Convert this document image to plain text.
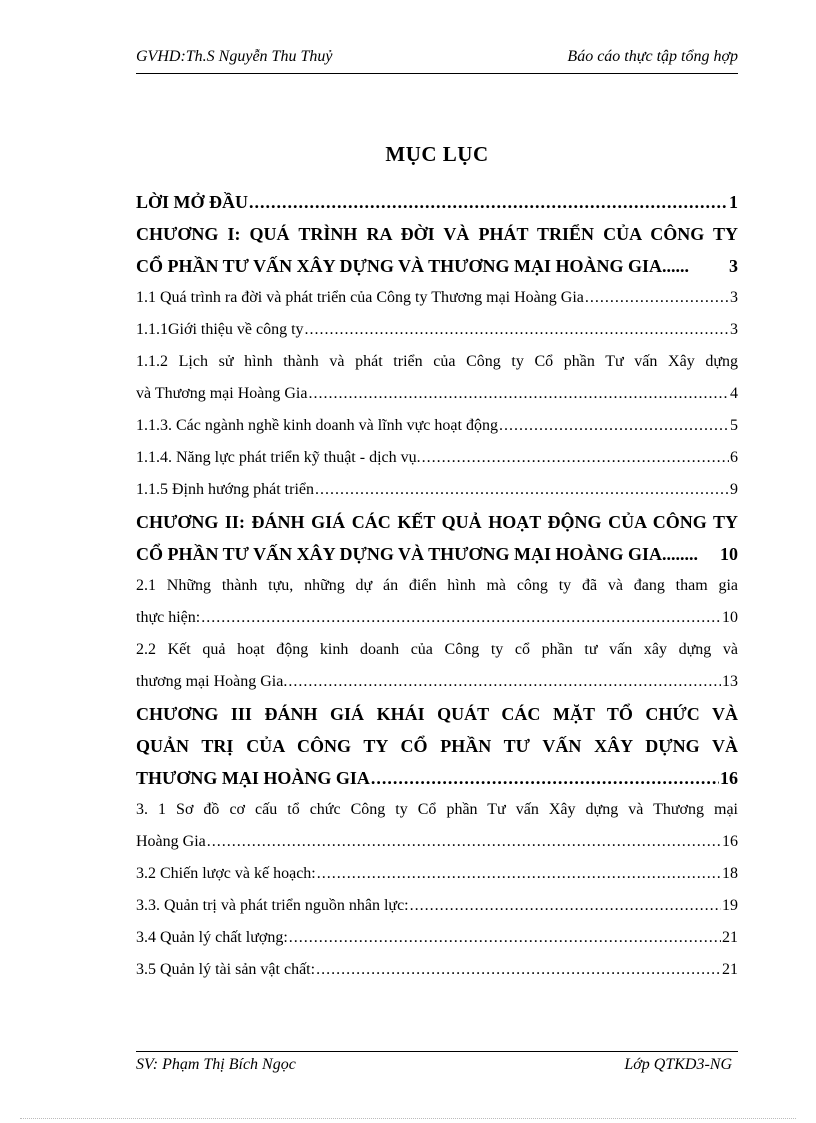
GVHD:Th.S Nguyễn Thu Thuỷ	Báo cáo thực tập tổng hợp
MỤC LỤC
LỜI MỞ ĐẦU .....	1
CHƯƠNG I: QUÁ TRÌNH RA ĐỜI VÀ PHÁT TRIỂN CỦA CÔNG TY
CỔ PHẦN TƯ VẤN XÂY DỰNG VÀ THƯƠNG MẠI HOÀNG GIA...... 3
1.1 Quá trình ra đời và phát triển của Công ty Thương mại Hoàng Gia .....	3
1.1.1Giới thiệu về công ty .....	3
1.1.2 Lịch sử hình thành và phát triển của Công ty Cổ phần Tư vấn Xây dựng
và Thương mại Hoàng Gia .....	4
1.1.3. Các ngành nghề kinh doanh và lĩnh vực hoạt động .....	5
1.1.4. Năng lực phát triển kỹ thuật - dịch vụ. .....	6
1.1.5 Định hướng phát triển .....	9
CHƯƠNG II: ĐÁNH GIÁ CÁC KẾT QUẢ HOẠT ĐỘNG CỦA CÔNG TY
CỔ PHẦN TƯ VẤN XÂY DỰNG VÀ THƯƠNG MẠI HOÀNG GIA........ 10
2.1 Những thành tựu, những dự án điển hình mà công ty đã và đang tham gia
thực hiện: .....	10
2.2 Kết quả hoạt động kinh doanh của Công ty cổ phần tư vấn xây dựng và
thương mại Hoàng Gia. .....	13
CHƯƠNG III ĐÁNH GIÁ KHÁI QUÁT CÁC MẶT TỔ CHỨC VÀ
QUẢN TRỊ CỦA CÔNG TY CỔ PHẦN TƯ VẤN XÂY DỰNG VÀ
THƯƠNG MẠI HOÀNG GIA .....	16
3. 1 Sơ đồ cơ cấu tổ chức Công ty Cổ phần Tư vấn Xây dựng và Thương mại
Hoàng Gia .....	16
3.2 Chiến lược và kế hoạch: .....	18
3.3. Quản trị và phát triển nguồn nhân lực: .....	19
3.4 Quản lý chất lượng: .....	21
3.5 Quản lý tài sản vật chất: .....	21
SV: Phạm Thị Bích Ngọc	Lớp QTKD3-NG
